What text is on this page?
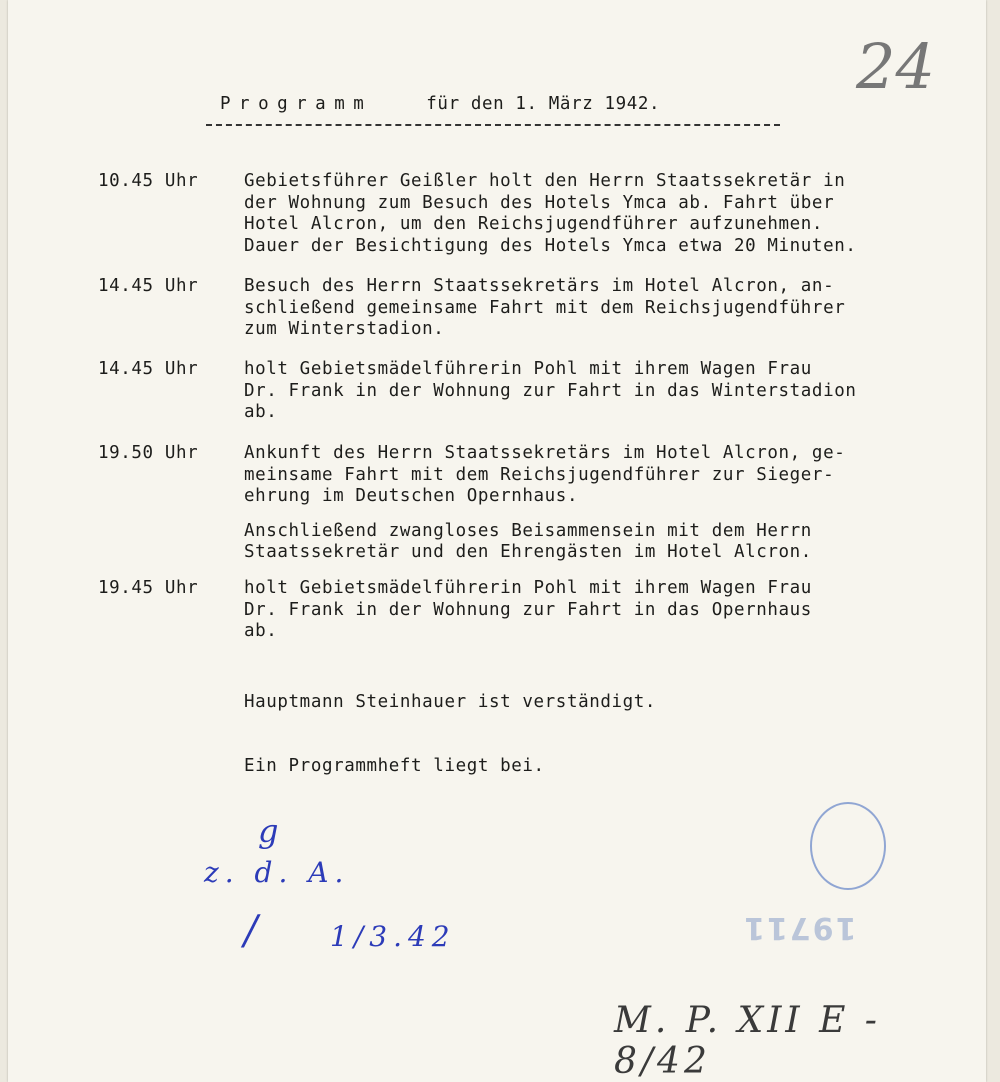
24
Programm	für den 1. März 1942.
10.45 Uhr	Gebietsführer Geißler holt den Herrn Staatssekretär in
der Wohnung zum Besuch des Hotels Ymca ab. Fahrt über
Hotel Alcron, um den Reichsjugendführer aufzunehmen.
Dauer der Besichtigung des Hotels Ymca etwa 20 Minuten.
14.45 Uhr	Besuch des Herrn Staatssekretärs im Hotel Alcron, an-
schließend gemeinsame Fahrt mit dem Reichsjugendführer
zum Winterstadion.
14.45 Uhr	holt Gebietsmädelführerin Pohl mit ihrem Wagen Frau
Dr. Frank in der Wohnung zur Fahrt in das Winterstadion
ab.
19.50 Uhr	Ankunft des Herrn Staatssekretärs im Hotel Alcron, ge-
meinsame Fahrt mit dem Reichsjugendführer zur Sieger-
ehrung im Deutschen Opernhaus.
Anschließend zwangloses Beisammensein mit dem Herrn
Staatssekretär und den Ehrengästen im Hotel Alcron.
19.45 Uhr	holt Gebietsmädelführerin Pohl mit ihrem Wagen Frau
Dr. Frank in der Wohnung zur Fahrt in das Opernhaus
ab.
Hauptmann Steinhauer ist verständigt.
Ein Programmheft liegt bei.
g
z. d. A.
/	1/3.42	19711
M. P. XII E - 8/42
